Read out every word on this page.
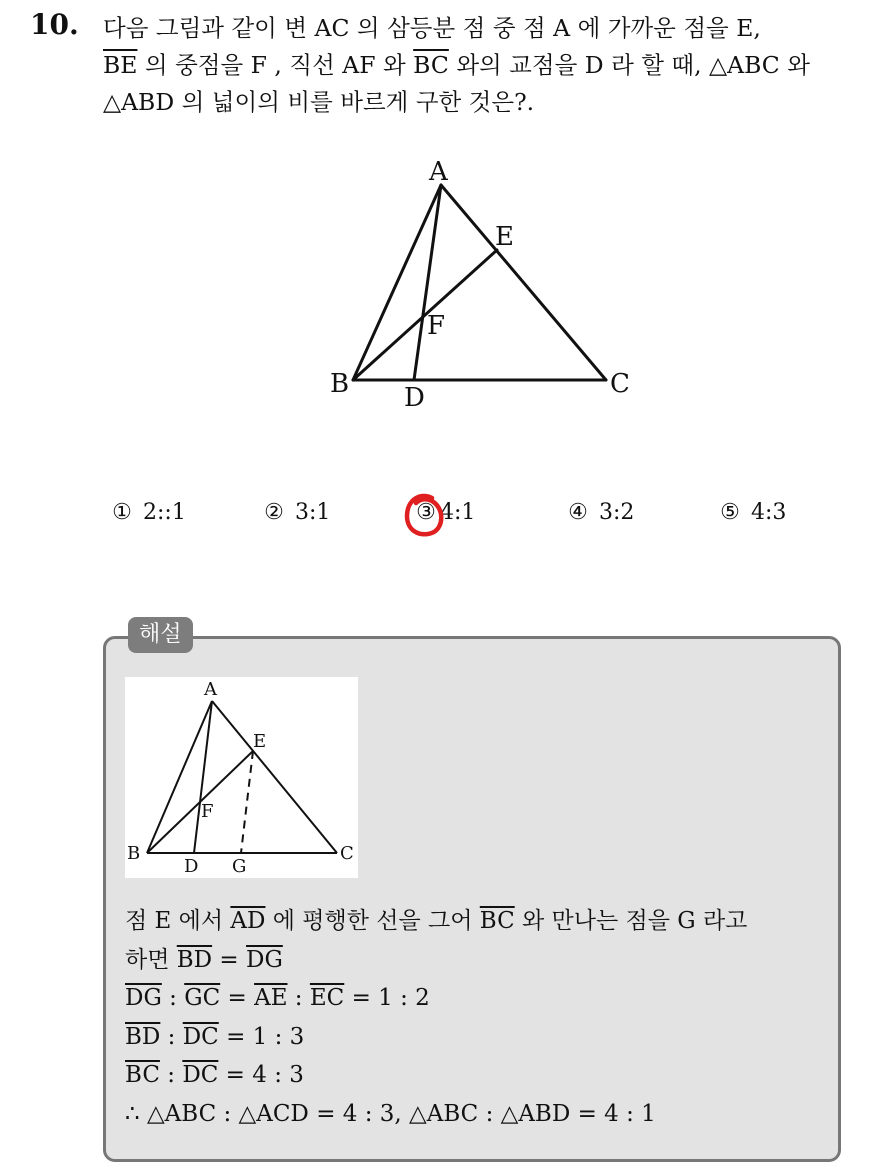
10. 다음 그림과 같이 변 AC 의 삼등분 점 중 점 A 에 가까운 점을 E,
$\overline{BE}$ 의 중점을 F , 직선 AF 와 $\overline{BC}$ 와의 교점을 D 라 할 때, △ABC 와
△ABD 의 넓이의 비를 바르게 구한 것은?.
A
E
F
B D	C
① 2::1	② 3:1	③ 4:1	④ 3:2	⑤ 4:3
해설
A
E
F
B
D G
C
점 E 에서 $\overline{AD}$ 에 평행한 선을 그어 $\overline{BC}$ 와 만나는 점을 G 라고
하면 $\overline{BD} = \overline{DG}$
$\overline{DG}$ : $\overline{GC} = \overline{AE}$ : $\overline{EC} = 1$ : 2
$\overline{BD}$ : $\overline{DC} = 1$ : 3
$\overline{BC}$ : $\overline{DC} = 4$ : 3
∴ △ABC : △ACD = 4 : 3, △ABC : △ABD = 4 : 1
